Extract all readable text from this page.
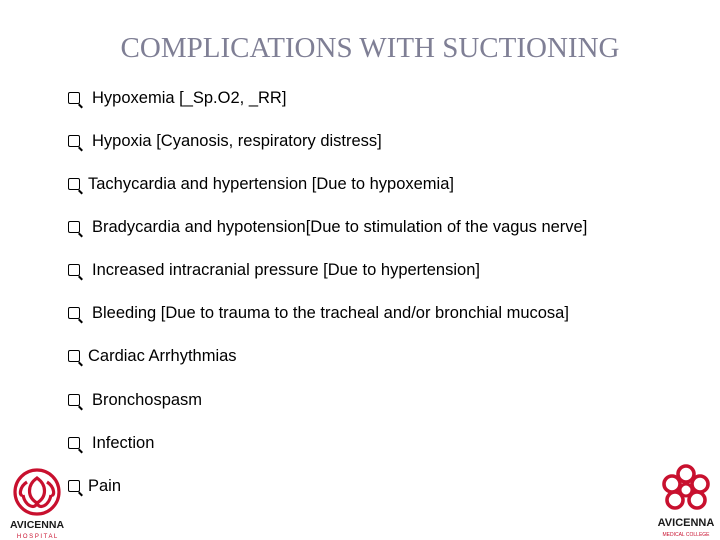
COMPLICATIONS WITH SUCTIONING
Hypoxemia [_Sp.O2, _RR]
Hypoxia [Cyanosis, respiratory distress]
Tachycardia and hypertension [Due to hypoxemia]
Bradycardia and hypotension[Due to stimulation of the vagus nerve]
Increased intracranial pressure [Due to hypertension]
Bleeding [Due to trauma to the tracheal and/or bronchial mucosa]
Cardiac Arrhythmias
Bronchospasm
Infection
Pain
AVICENNA
H O S P I T A L
AVICENNA
MEDICAL COLLEGE
